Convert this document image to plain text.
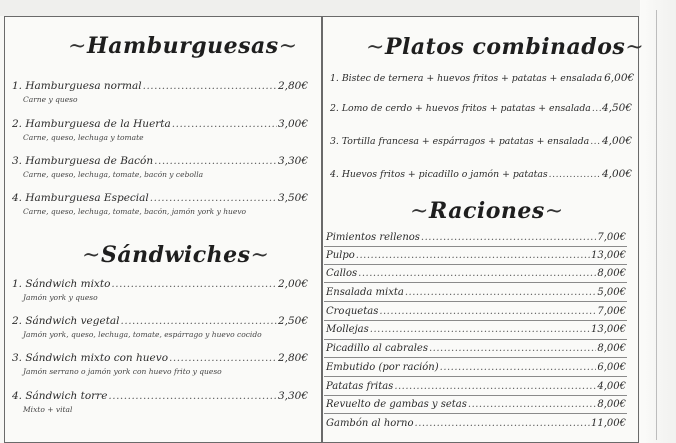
~Hamburguesas~
1. Hamburguesa normal .....	2,80€
Carne y queso
2. Hamburguesa de la Huerta .....	3,00€
Carne, queso, lechuga y tomate
3. Hamburguesa de Bacón .....	3,30€
Carne, queso, lechuga, tomate, bacón y cebolla
4. Hamburguesa Especial .....	3,50€
Carne, queso, lechuga, tomate, bacón, jamón york y huevo
~Sándwiches~
1. Sándwich mixto .....	2,00€
Jamón york y queso
2. Sándwich vegetal .....	2,50€
Jamón york, queso, lechuga, tomate, espárrago y huevo cocido
3. Sándwich mixto con huevo .....	2,80€
Jamón serrano o jamón york con huevo frito y queso
4. Sándwich torre .....	3,30€
Mixto + vital
~Platos combinados~
1. Bistec de ternera + huevos fritos + patatas + ensalada 6,00€
2. Lomo de cerdo + huevos fritos + patatas + ensalada ..... 4,50€
3. Tortilla francesa + espárragos + patatas + ensalada ..... 4,00€
4. Huevos fritos + picadillo o jamón + patatas .....	4,00€
~Raciones~
Pimientos rellenos .....	7,00€
Pulpo .....	13,00€
Callos .....	8,00€
Ensalada mixta .....	5,00€
Croquetas .....	7,00€
Mollejas .....	13,00€
Picadillo al cabrales .....	8,00€
Embutido (por ración) .....	6,00€
Patatas fritas .....	4,00€
Revuelto de gambas y setas .....	8,00€
Gambón al horno .....	11,00€
